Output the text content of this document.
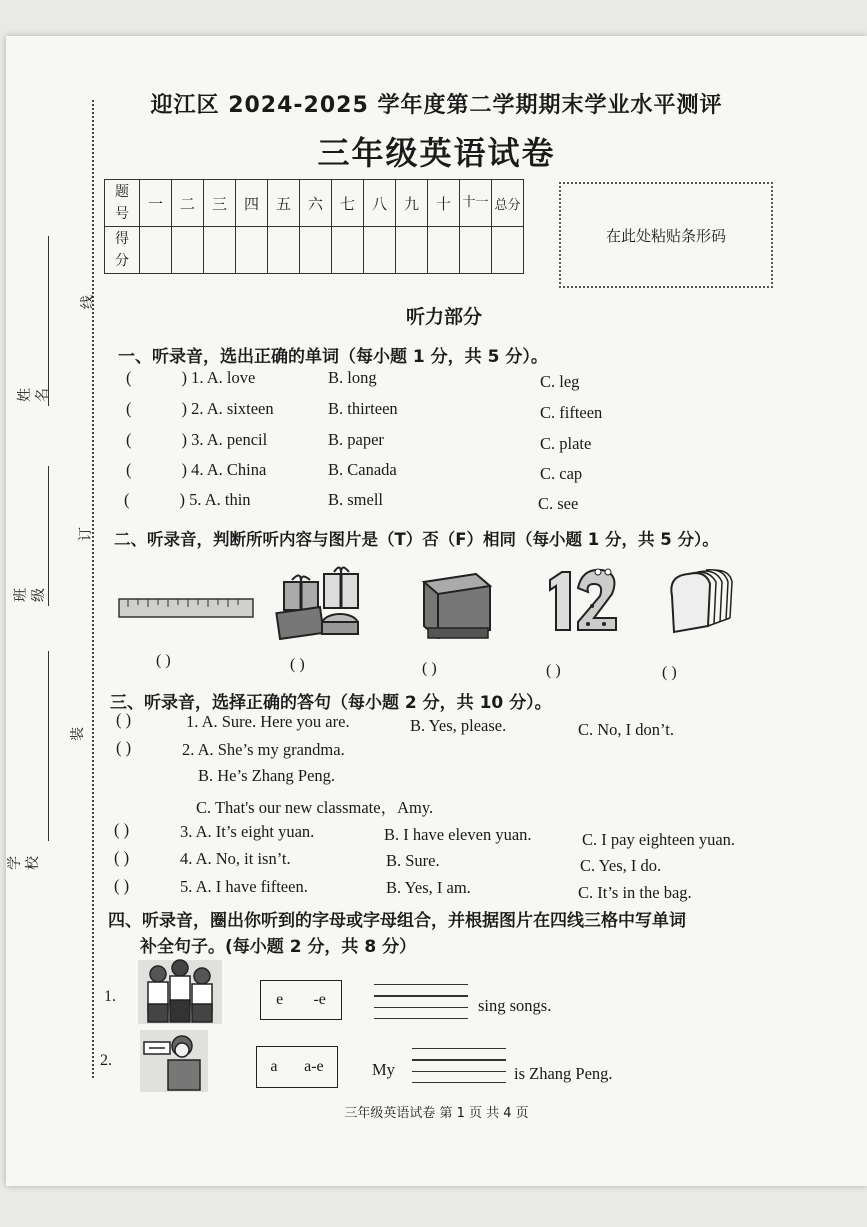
迎江区 2024-2025 学年度第二学期期末学业水平测评
三年级英语试卷
题
号	一	二	三	四	五	六	七	八	九	十	十一	总分
得
分												
在此处粘贴条形码
姓名
班级
学校
线
订
装
听力部分
一、听录音，选出正确的单词（每小题 1 分，共 5 分）。
(	) 1. A. love	B. long	C. leg
(	) 2. A. sixteen	B. thirteen	C. fifteen
(	) 3. A. pencil	B. paper	C. plate
(	) 4. A. China	B. Canada	C. cap
(	) 5. A. thin	B. smell	C. see
二、听录音，判断所听内容与图片是（T）否（F）相同（每小题 1 分，共 5 分）。
( )	( )	( )	( )	( )
三、听录音，选择正确的答句（每小题 2 分，共 10 分）。
( )	1. A. Sure. Here you are.	B. Yes, please.	C. No, I don’t.
( )	2. A. She’s my grandma.
B. He’s Zhang Peng.
C. That's our new classmate，Amy.
( )	3. A. It’s eight yuan.	B. I have eleven yuan.	C. I pay eighteen yuan.
( )	4. A. No, it isn’t.	B. Sure.	C. Yes, I do.
( )	5. A. I have fifteen.	B. Yes, I am.	C. It’s in the bag.
四、听录音，圈出你听到的字母或字母组合，并根据图片在四线三格中写单词
补全句子。(每小题 2 分，共 8 分）
1.	e -e	sing songs.
2.	a a-e	My	is Zhang Peng.
三年级英语试卷 第 1 页 共 4 页
